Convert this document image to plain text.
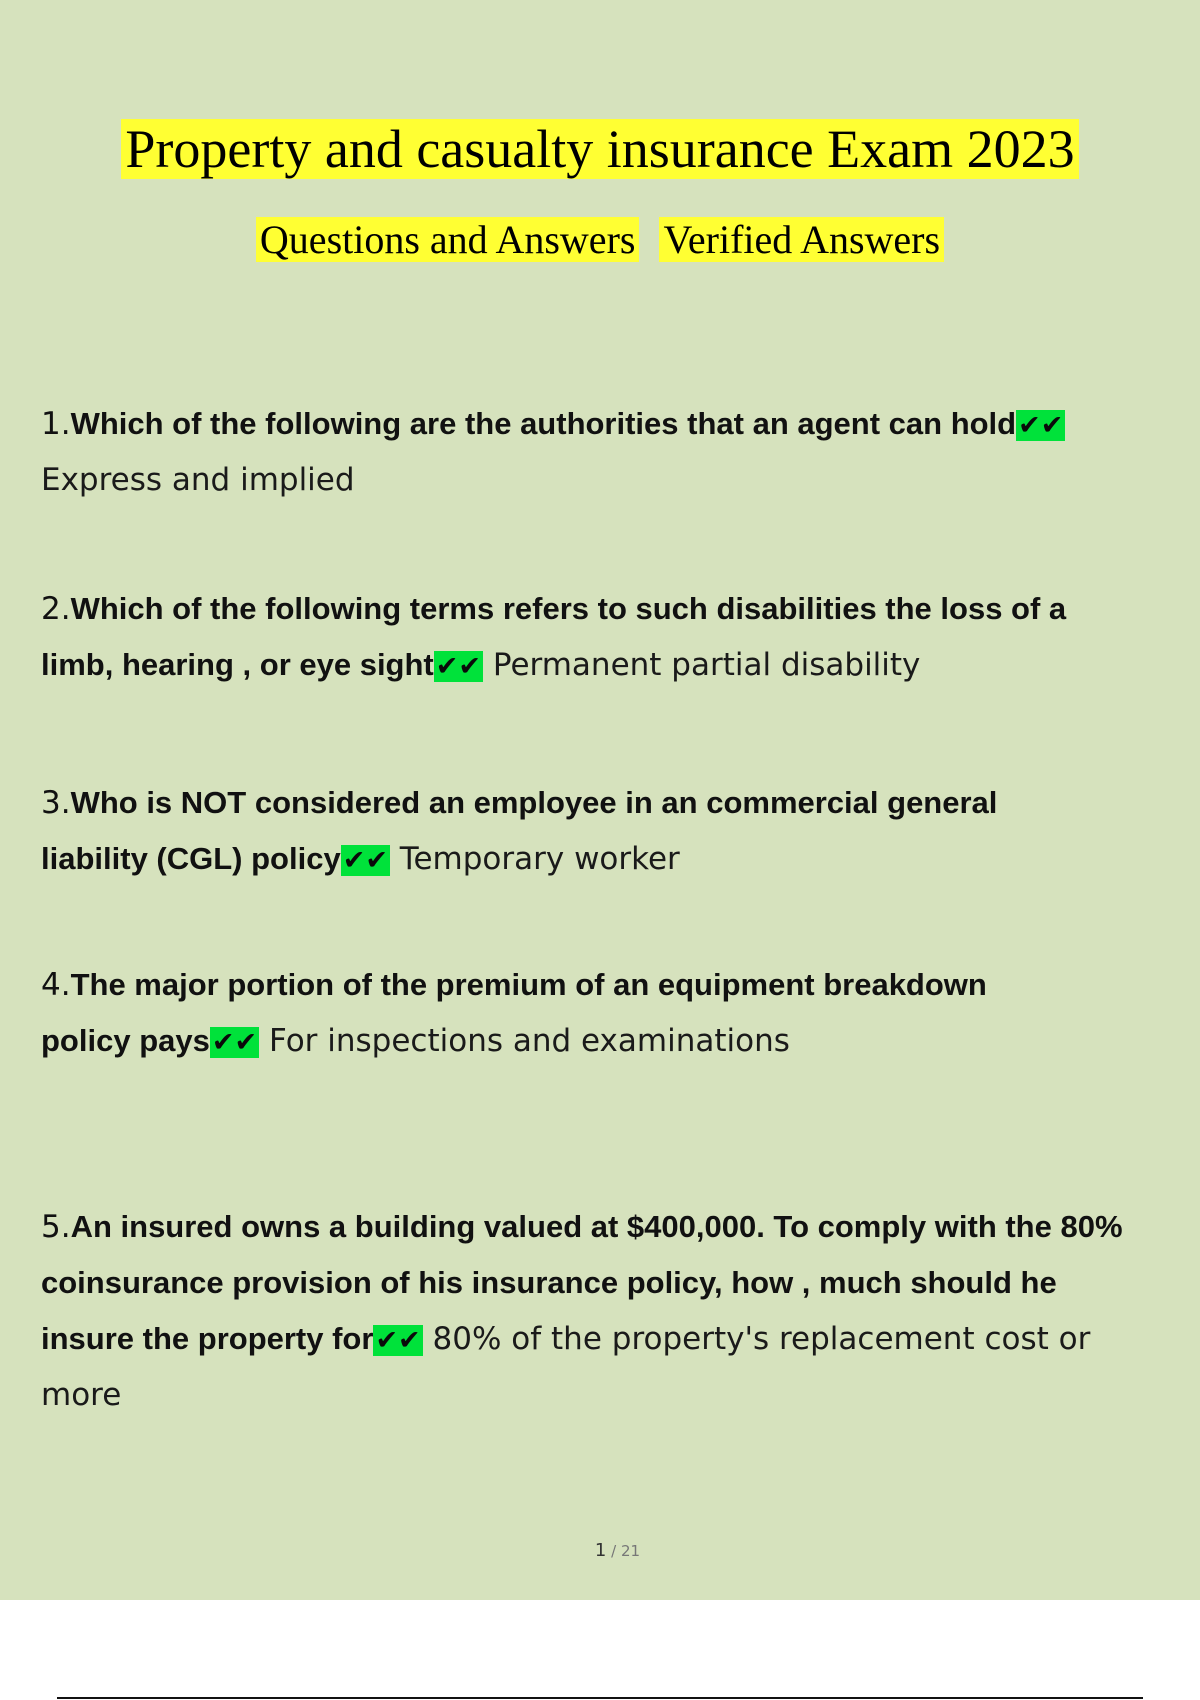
Property and casualty insurance Exam 2023
Questions and Answers Verified Answers
1.Which of the following are the authorities that an agent can hold✔✔
Express and implied
2.Which of the following terms refers to such disabilities the loss of a
limb, hearing , or eye sight✔✔ Permanent partial disability
3.Who is NOT considered an employee in an commercial general
liability (CGL) policy✔✔ Temporary worker
4.The major portion of the premium of an equipment breakdown
policy pays✔✔ For inspections and examinations
5.An insured owns a building valued at $400,000. To comply with the 80%
coinsurance provision of his insurance policy, how , much should he
insure the property for✔✔ 80% of the property's replacement cost or
more
1 / 21
